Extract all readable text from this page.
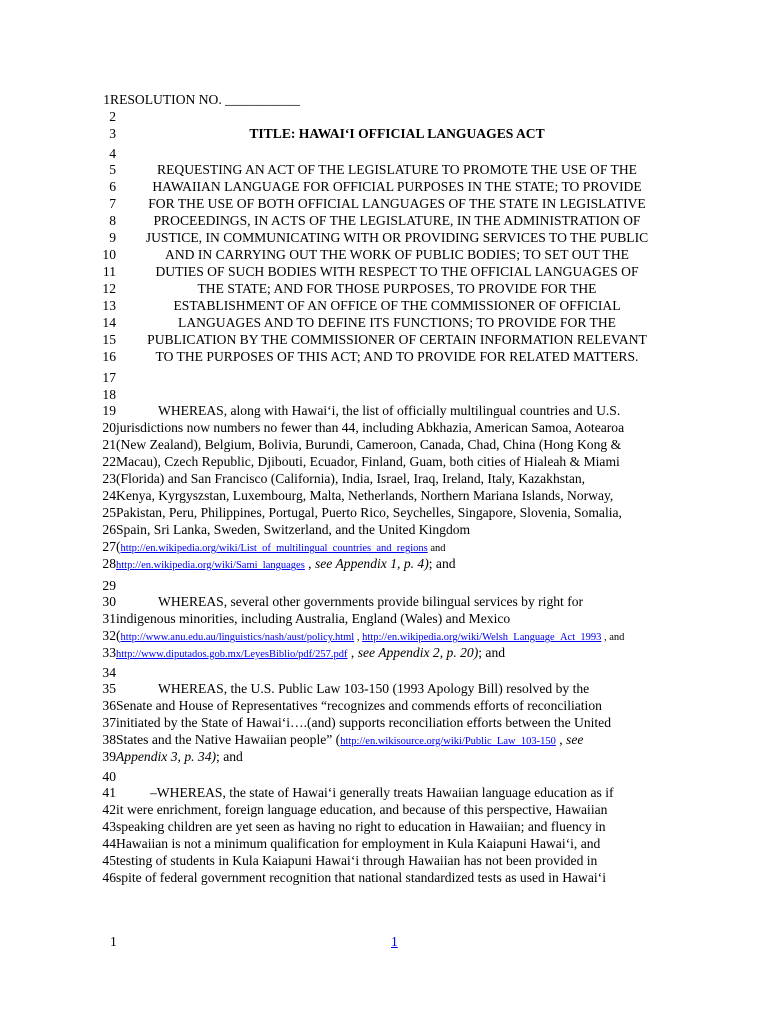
1RESOLUTION NO. ___________
2
3	TITLE: HAWAIʻI OFFICIAL LANGUAGES ACT
4
5	REQUESTING AN ACT OF THE LEGISLATURE TO PROMOTE THE USE OF THE
6	HAWAIIAN LANGUAGE FOR OFFICIAL PURPOSES IN THE STATE; TO PROVIDE
7	FOR THE USE OF BOTH OFFICIAL LANGUAGES OF THE STATE IN LEGISLATIVE
8	PROCEEDINGS, IN ACTS OF THE LEGISLATURE, IN THE ADMINISTRATION OF
9	JUSTICE, IN COMMUNICATING WITH OR PROVIDING SERVICES TO THE PUBLIC
10	AND IN CARRYING OUT THE WORK OF PUBLIC BODIES; TO SET OUT THE
11	DUTIES OF SUCH BODIES WITH RESPECT TO THE OFFICIAL LANGUAGES OF
12	THE STATE; AND FOR THOSE PURPOSES, TO PROVIDE FOR THE
13	ESTABLISHMENT OF AN OFFICE OF THE COMMISSIONER OF OFFICIAL
14	LANGUAGES AND TO DEFINE ITS FUNCTIONS; TO PROVIDE FOR THE
15	PUBLICATION BY THE COMMISSIONER OF CERTAIN INFORMATION RELEVANT
16	TO THE PURPOSES OF THIS ACT; AND TO PROVIDE FOR RELATED MATTERS.
17
18
19	WHEREAS, along with Hawaiʻi, the list of officially multilingual countries and U.S.
20jurisdictions now numbers no fewer than 44, including Abkhazia, American Samoa, Aotearoa
21(New Zealand), Belgium, Bolivia, Burundi, Cameroon, Canada, Chad, China (Hong Kong &
22Macau), Czech Republic, Djibouti, Ecuador, Finland, Guam, both cities of Hialeah & Miami
23(Florida) and San Francisco (California), India, Israel, Iraq, Ireland, Italy, Kazakhstan,
24Kenya, Kyrgyszstan, Luxembourg, Malta, Netherlands, Northern Mariana Islands, Norway,
25Pakistan, Peru, Philippines, Portugal, Puerto Rico, Seychelles, Singapore, Slovenia, Somalia,
26Spain, Sri Lanka, Sweden, Switzerland, and the United Kingdom
27(http://en.wikipedia.org/wiki/List_of_multilingual_countries_and_regions and
28http://en.wikipedia.org/wiki/Sami_languages , see Appendix 1, p. 4); and
29
30	WHEREAS, several other governments provide bilingual services by right for
31indigenous minorities, including Australia, England (Wales) and Mexico
32(http://www.anu.edu.au/linguistics/nash/aust/policy.html , http://en.wikipedia.org/wiki/Welsh_Language_Act_1993 , and
33http://www.diputados.gob.mx/LeyesBiblio/pdf/257.pdf , see Appendix 2, p. 20); and
34
35	WHEREAS, the U.S. Public Law 103-150 (1993 Apology Bill) resolved by the
36Senate and House of Representatives “recognizes and commends efforts of reconciliation
37initiated by the State of Hawaiʻi….(and) supports reconciliation efforts between the United
38States and the Native Hawaiian people” (http://en.wikisource.org/wiki/Public_Law_103-150 , see
39Appendix 3, p. 34); and
40
41	–WHEREAS, the state of Hawaiʻi generally treats Hawaiian language education as if
42it were enrichment, foreign language education, and because of this perspective, Hawaiian
43speaking children are yet seen as having no right to education in Hawaiian; and fluency in
44Hawaiian is not a minimum qualification for employment in Kula Kaiapuni Hawaiʻi, and
45testing of students in Kula Kaiapuni Hawaiʻi through Hawaiian has not been provided in
46spite of federal government recognition that national standardized tests as used in Hawaiʻi
1	1
